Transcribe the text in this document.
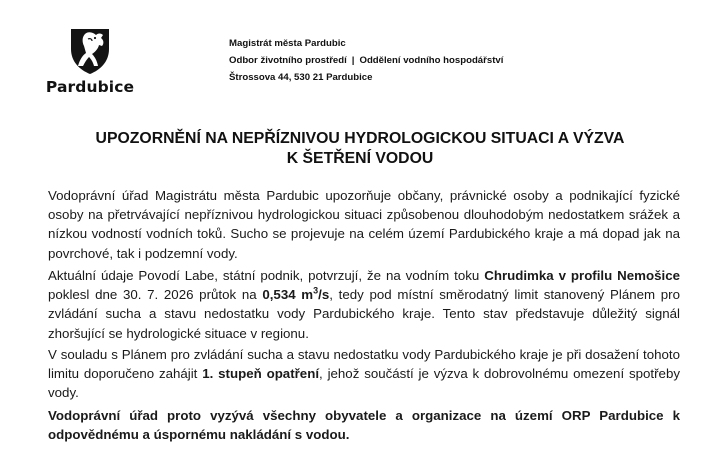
Pardubice
Magistrát města Pardubic
Odbor životního prostředí | Oddělení vodního hospodářství
Štrossova 44, 530 21 Pardubice
UPOZORNĚNÍ NA NEPŘÍZNIVOU HYDROLOGICKOU SITUACI A VÝZVA
K ŠETŘENÍ VODOU

Vodoprávní úřad Magistrátu města Pardubic upozorňuje občany, právnické osoby a podnikající fyzické osoby na přetrvávající nepříznivou hydrologickou situaci způsobenou dlouhodobým nedostatkem srážek a nízkou vodností vodních toků. Sucho se projevuje na celém území Pardubického kraje a má dopad jak na povrchové, tak i podzemní vody.

Aktuální údaje Povodí Labe, státní podnik, potvrzují, že na vodním toku Chrudimka v profilu Nemošice poklesl dne 30. 7. 2026 průtok na 0,534 $m^3/s$, tedy pod místní směrodatný limit stanovený Plánem pro zvládání sucha a stavu nedostatku vody Pardubického kraje. Tento stav představuje důležitý signál zhoršující se hydrologické situace v regionu.

V souladu s Plánem pro zvládání sucha a stavu nedostatku vody Pardubického kraje je při dosažení tohoto limitu doporučeno zahájit 1. stupeň opatření, jehož součástí je výzva k dobrovolnému omezení spotřeby vody.

Vodoprávní úřad proto vyzývá všechny obyvatele a organizace na území ORP Pardubice k odpovědnému a úspornému nakládání s vodou.
